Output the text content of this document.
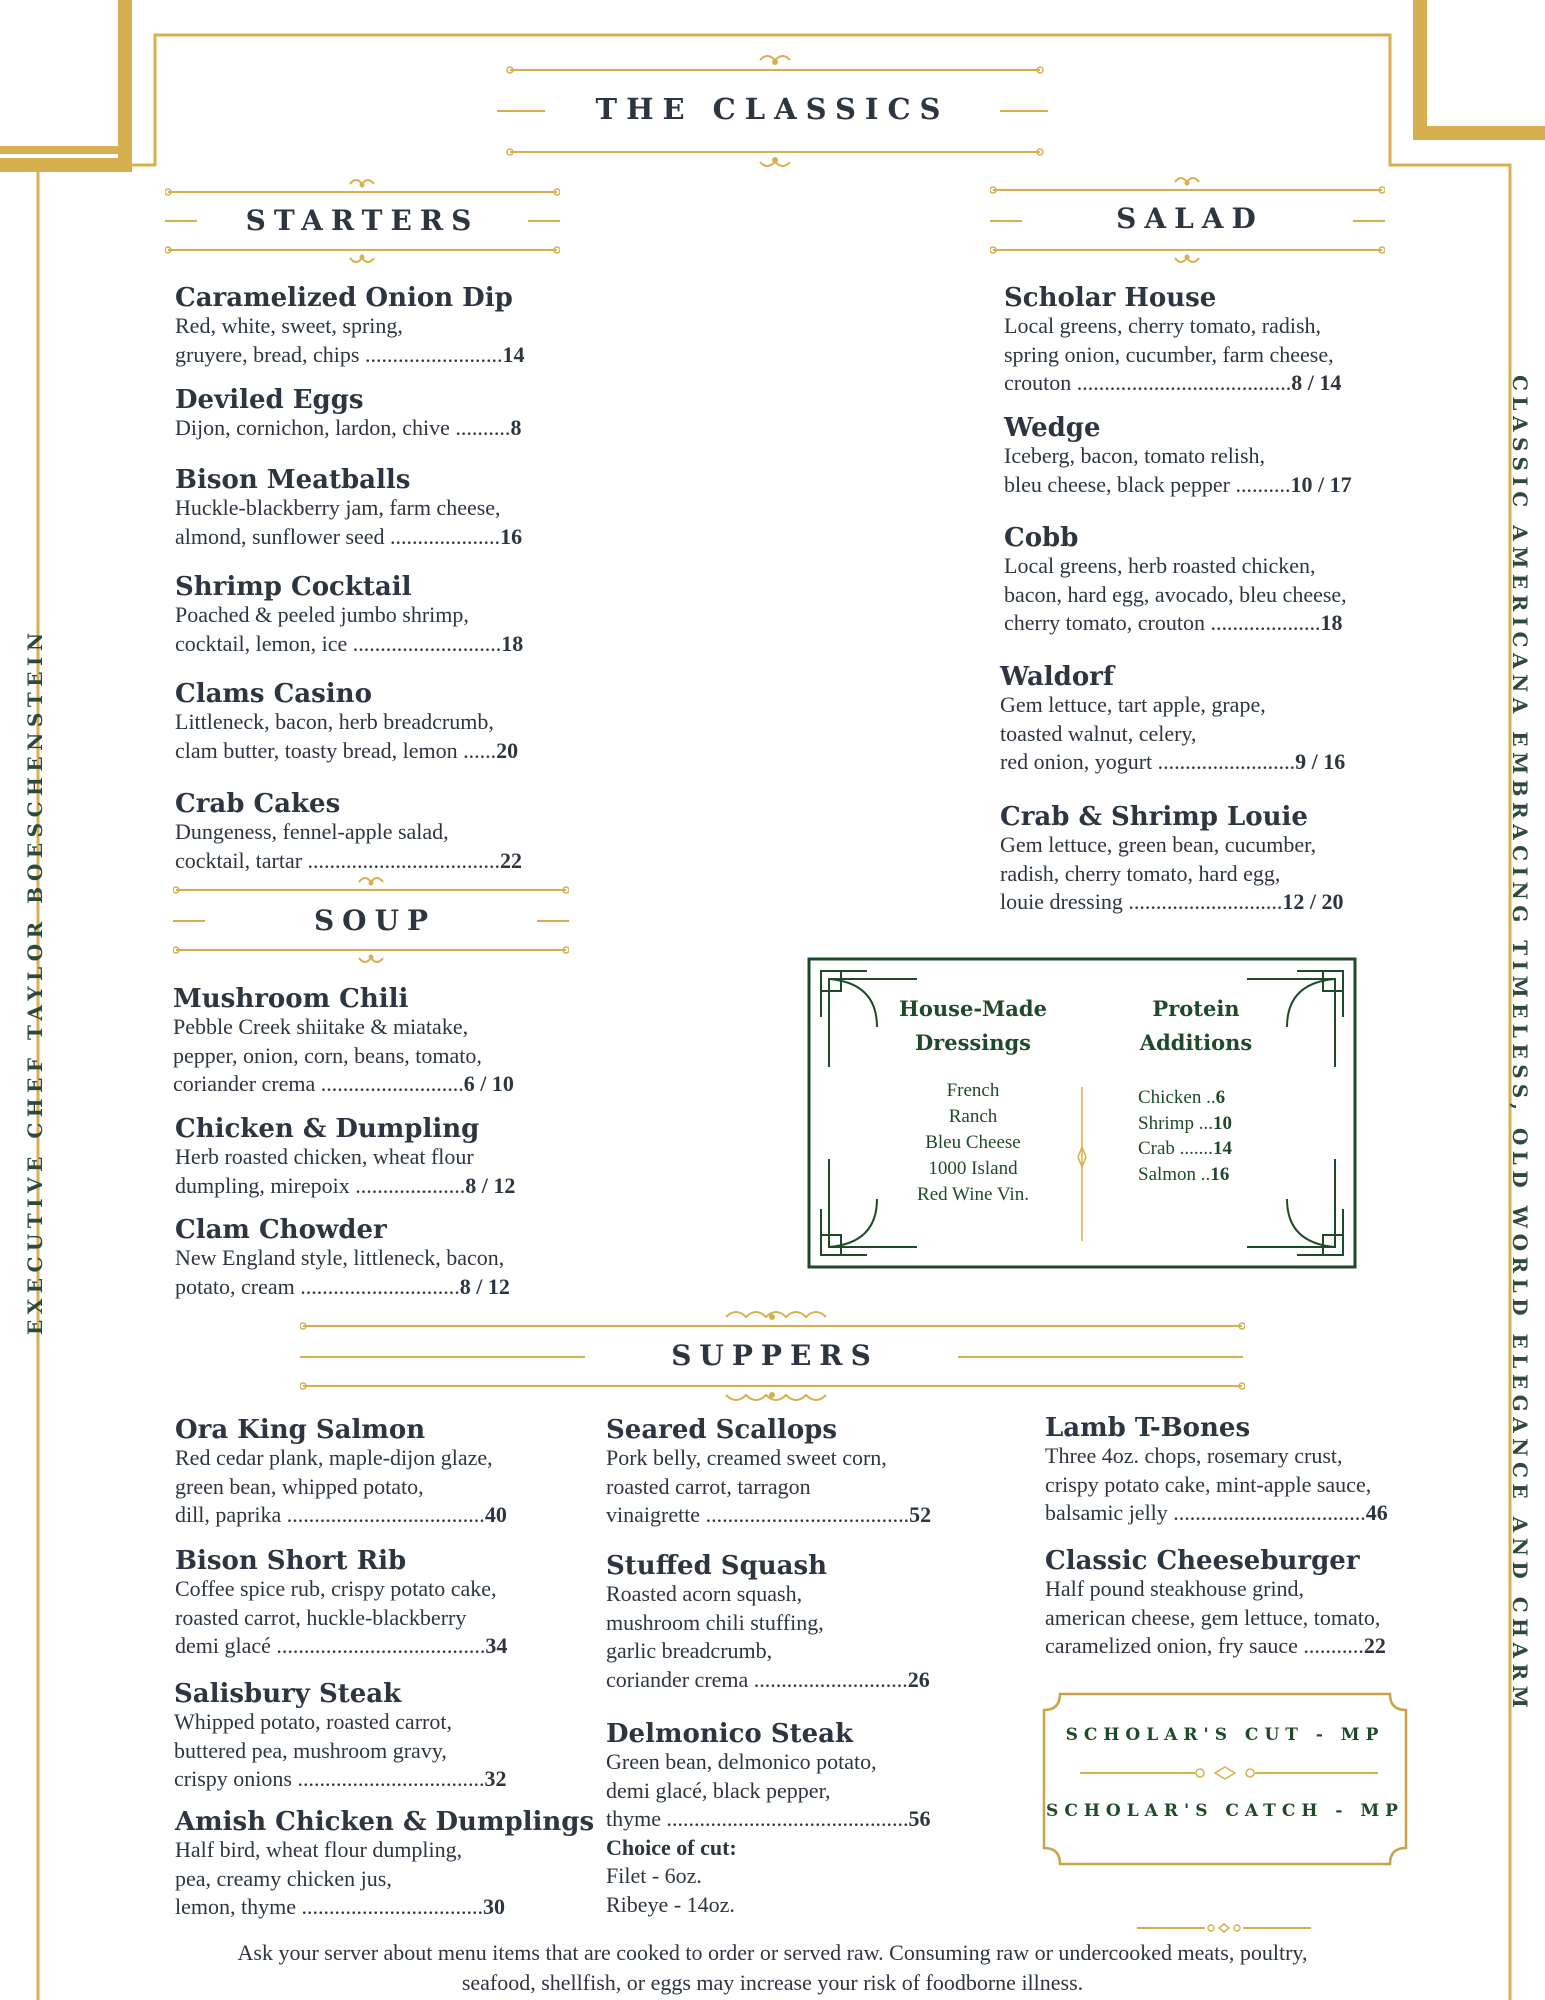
THE CLASSICS
EXECUTIVE CHEF TAYLOR BOESCHENSTEIN	CLASSIC AMERICANA EMBRACING TIMELESS, OLD WORLD ELEGANCE AND CHARM
STARTERS
Caramelized Onion Dip
Red, white, sweet, spring,
gruyere, bread, chips .........................14
Deviled Eggs
Dijon, cornichon, lardon, chive ..........8
Bison Meatballs
Huckle-blackberry jam, farm cheese,
almond, sunflower seed ....................16
Shrimp Cocktail
Poached & peeled jumbo shrimp,
cocktail, lemon, ice ...........................18
Clams Casino
Littleneck, bacon, herb breadcrumb,
clam butter, toasty bread, lemon ......20
Crab Cakes
Dungeness, fennel-apple salad,
cocktail, tartar ...................................22
SOUP
Mushroom Chili
Pebble Creek shiitake & miatake,
pepper, onion, corn, beans, tomato,
coriander crema ..........................6 / 10
Chicken & Dumpling
Herb roasted chicken, wheat flour
dumpling, mirepoix ....................8 / 12
Clam Chowder
New England style, littleneck, bacon,
potato, cream .............................8 / 12
SALAD
Scholar House
Local greens, cherry tomato, radish,
spring onion, cucumber, farm cheese,
crouton .......................................8 / 14
Wedge
Iceberg, bacon, tomato relish,
bleu cheese, black pepper ..........10 / 17
Cobb
Local greens, herb roasted chicken,
bacon, hard egg, avocado, bleu cheese,
cherry tomato, crouton ....................18
Waldorf
Gem lettuce, tart apple, grape,
toasted walnut, celery,
red onion, yogurt .........................9 / 16
Crab & Shrimp Louie
Gem lettuce, green bean, cucumber,
radish, cherry tomato, hard egg,
louie dressing ............................12 / 20
House-Made
Dressings
French
Ranch
Bleu Cheese
1000 Island
Red Wine Vin.
Protein
Additions
Chicken ..6
Shrimp ...10
Crab .......14
Salmon ..16
SUPPERS
Ora King Salmon
Red cedar plank, maple-dijon glaze,
green bean, whipped potato,
dill, paprika ....................................40
Bison Short Rib
Coffee spice rub, crispy potato cake,
roasted carrot, huckle-blackberry
demi glacé ......................................34
Salisbury Steak
Whipped potato, roasted carrot,
buttered pea, mushroom gravy,
crispy onions ..................................32
Amish Chicken & Dumplings
Half bird, wheat flour dumpling,
pea, creamy chicken jus,
lemon, thyme .................................30
Seared Scallops
Pork belly, creamed sweet corn,
roasted carrot, tarragon
vinaigrette .....................................52
Stuffed Squash
Roasted acorn squash,
mushroom chili stuffing,
garlic breadcrumb,
coriander crema ............................26
Delmonico Steak
Green bean, delmonico potato,
demi glacé, black pepper,
thyme ............................................56
Choice of cut:
Filet - 6oz.
Ribeye - 14oz.
Lamb T-Bones
Three 4oz. chops, rosemary crust,
crispy potato cake, mint-apple sauce,
balsamic jelly ...................................46
Classic Cheeseburger
Half pound steakhouse grind,
american cheese, gem lettuce, tomato,
caramelized onion, fry sauce ...........22
SCHOLAR'S CUT - MP
SCHOLAR'S CATCH - MP
Ask your server about menu items that are cooked to order or served raw. Consuming raw or undercooked meats, poultry,
seafood, shellfish, or eggs may increase your risk of foodborne illness.
